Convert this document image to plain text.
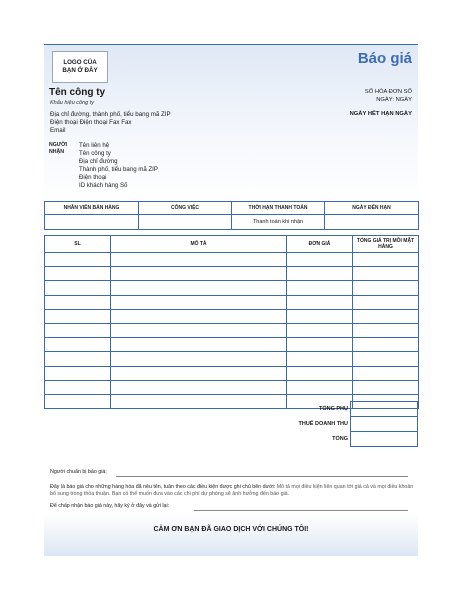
LOGO CỦA
BẠN Ở ĐÂY
Báo giá
Tên công ty
Khẩu hiệu công ty
Địa chỉ đường, thành phố, tiểu bang mã ZIP
Điện thoại Điện thoại Fax Fax
Email
SỐ HÓA ĐƠN SỐ
NGÀY: NGÀY
NGÀY HẾT HẠN NGÀY
NGƯỜI NHẬN
Tên liên hệ
Tên công ty
Địa chỉ đường
Thành phố, tiểu bang mã ZIP
Điện thoại
ID khách hàng Số
NHÂN VIÊN BÁN HÀNG	CÔNG VIỆC	THỜI HẠN THANH TOÁN	NGÀY ĐẾN HẠN
		Thanh toán khi nhận	
SL	MÔ TẢ	ĐƠN GIÁ	TỔNG GIÁ TRỊ MỖI MẶT HÀNG

TỔNG PHỤ
THUẾ DOANH THU
TỔNG
Người chuẩn bị báo giá:
Đây là báo giá cho những hàng hóa đã nêu tên, tuân theo các điều kiện được ghi chú bên dưới: Mô tả mọi điều kiện liên quan tới giá cả và mọi điều khoản bổ sung trong thỏa thuận. Bạn có thể muốn đưa vào các chi phí dự phòng sẽ ảnh hưởng đến báo giá.
Để chấp nhận báo giá này, hãy ký ở đây và gửi lại:
CẢM ƠN BẠN ĐÃ GIAO DỊCH VỚI CHÚNG TÔI!
